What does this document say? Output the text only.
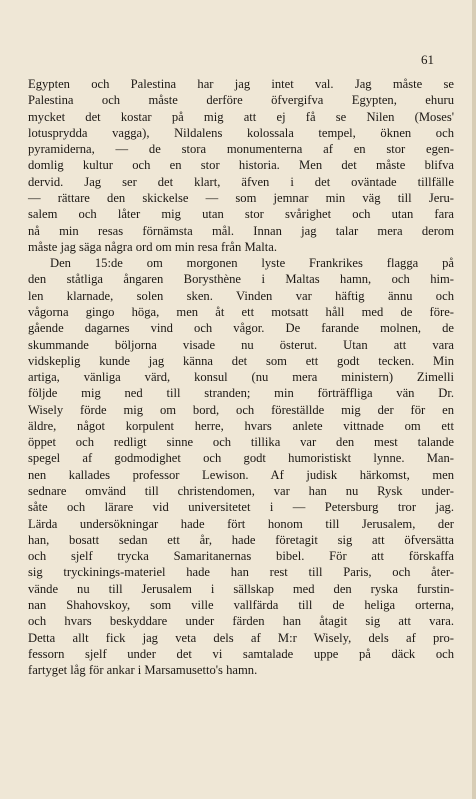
61
Egypten och Palestina har jag intet val. Jag måste se
Palestina och måste derföre öfvergifva Egypten, ehuru
mycket det kostar på mig att ej få se Nilen (Moses'
lotusprydda vagga), Nildalens kolossala tempel, öknen och
pyramiderna, — de stora monumenterna af en stor egen-
domlig kultur och en stor historia. Men det måste blifva
dervid. Jag ser det klart, äfven i det oväntade tillfälle
— rättare den skickelse — som jemnar min väg till Jeru-
salem och låter mig utan stor svårighet och utan fara
nå min resas förnämsta mål. Innan jag talar mera derom
måste jag säga några ord om min resa från Malta.
Den 15:de om morgonen lyste Frankrikes flagga på
den ståtliga ångaren Borysthène i Maltas hamn, och him-
len klarnade, solen sken. Vinden var häftig ännu och
vågorna gingo höga, men åt ett motsatt håll med de före-
gående dagarnes vind och vågor. De farande molnen, de
skummande böljorna visade nu österut. Utan att vara
vidskeplig kunde jag känna det som ett godt tecken. Min
artiga, vänliga värd, konsul (nu mera ministern) Zimelli
följde mig ned till stranden; min förträffliga vän Dr.
Wisely förde mig om bord, och föreställde mig der för en
äldre, något korpulent herre, hvars anlete vittnade om ett
öppet och redligt sinne och tillika var den mest talande
spegel af godmodighet och godt humoristiskt lynne. Man-
nen kallades professor Lewison. Af judisk härkomst, men
sednare omvänd till christendomen, var han nu Rysk under-
såte och lärare vid universitetet i — Petersburg tror jag.
Lärda undersökningar hade fört honom till Jerusalem, der
han, bosatt sedan ett år, hade företagit sig att öfversätta
och sjelf trycka Samaritanernas bibel. För att förskaffa
sig tryckinings-materiel hade han rest till Paris, och åter-
vände nu till Jerusalem i sällskap med den ryska furstin-
nan Shahovskoy, som ville vallfärda till de heliga orterna,
och hvars beskyddare under färden han åtagit sig att vara.
Detta allt fick jag veta dels af M:r Wisely, dels af pro-
fessorn sjelf under det vi samtalade uppe på däck och
fartyget låg för ankar i Marsamusetto's hamn.
